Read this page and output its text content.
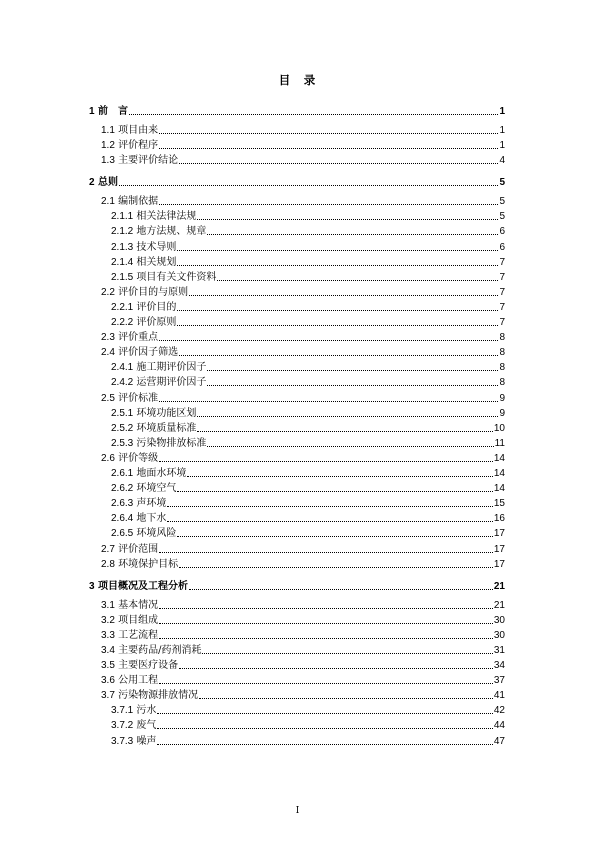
目　录
1 前　言	1
1.1 项目由来	1
1.2 评价程序	1
1.3 主要评价结论	4
2 总则	5
2.1 编制依据	5
2.1.1 相关法律法规	5
2.1.2 地方法规、规章	6
2.1.3 技术导则	6
2.1.4 相关规划	7
2.1.5 项目有关文件资料	7
2.2 评价目的与原则	7
2.2.1 评价目的	7
2.2.2 评价原则	7
2.3 评价重点	8
2.4 评价因子筛选	8
2.4.1 施工期评价因子	8
2.4.2 运营期评价因子	8
2.5 评价标准	9
2.5.1 环境功能区划	9
2.5.2 环境质量标准	10
2.5.3 污染物排放标准	11
2.6 评价等级	14
2.6.1 地面水环境	14
2.6.2 环境空气	14
2.6.3 声环境	15
2.6.4 地下水	16
2.6.5 环境风险	17
2.7 评价范围	17
2.8 环境保护目标	17
3 项目概况及工程分析	21
3.1 基本情况	21
3.2 项目组成	30
3.3 工艺流程	30
3.4 主要药品/药剂消耗	31
3.5 主要医疗设备	34
3.6 公用工程	37
3.7 污染物源排放情况	41
3.7.1 污水	42
3.7.2 废气	44
3.7.3 噪声	47
I
